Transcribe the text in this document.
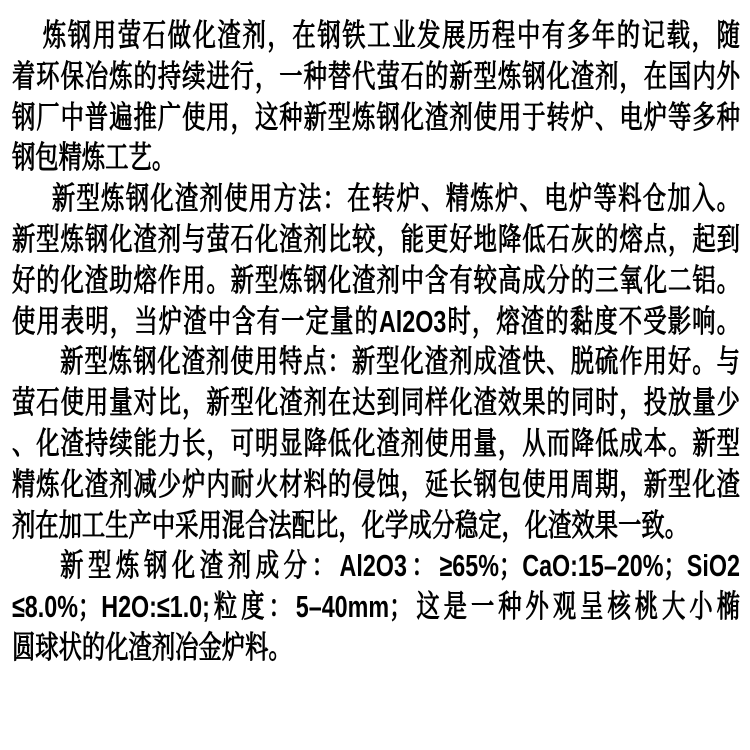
炼钢用萤石做化渣剂，在钢铁工业发展历程中有多年的记载，随
着环保冶炼的持续进行，一种替代萤石的新型炼钢化渣剂，在国内外
钢厂中普遍推广使用，这种新型炼钢化渣剂使用于转炉、电炉等多种
钢包精炼工艺。
新型炼钢化渣剂使用方法：在转炉、精炼炉、电炉等料仓加入。
新型炼钢化渣剂与萤石化渣剂比较，能更好地降低石灰的熔点，起到
好的化渣助熔作用。新型炼钢化渣剂中含有较高成分的三氧化二铝。
使用表明，当炉渣中含有一定量的Al2O3时，熔渣的黏度不受影响。
新型炼钢化渣剂使用特点：新型化渣剂成渣快、脱硫作用好。与
萤石使用量对比，新型化渣剂在达到同样化渣效果的同时，投放量少
、化渣持续能力长，可明显降低化渣剂使用量，从而降低成本。新型
精炼化渣剂减少炉内耐火材料的侵蚀，延长钢包使用周期，新型化渣
剂在加工生产中采用混合法配比，化学成分稳定，化渣效果一致。
新型炼钢化渣剂成分：Al2O3：≥65%；CaO:15–20%；SiO2
≤8.0%；H2O:≤1.0;粒度：5–40mm；这是一种外观呈核桃大小椭
圆球状的化渣剂冶金炉料。
